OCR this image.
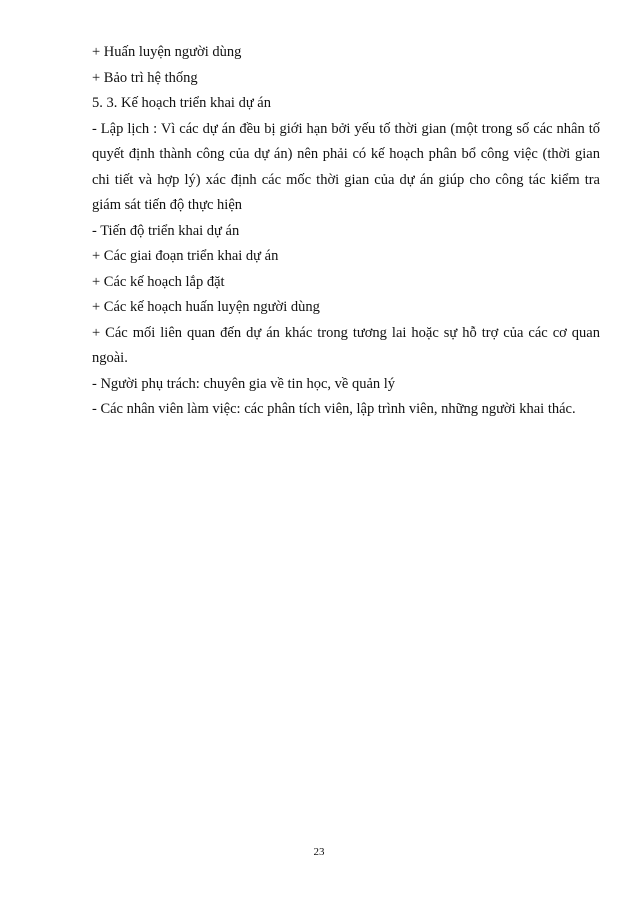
+ Huấn luyện người dùng

+ Bảo trì hệ thống

5. 3. Kế hoạch triển khai dự án

- Lập lịch : Vì các dự án đều bị giới hạn bởi yếu tố thời gian (một trong số các nhân tố quyết định thành công của dự án) nên phải có kế hoạch phân bổ công việc (thời gian chi tiết và hợp lý) xác định các mốc thời gian của dự án giúp cho công tác kiểm tra giám sát tiến độ thực hiện

- Tiến độ triển khai dự án

+ Các giai đoạn triển khai dự án

+ Các kế hoạch lắp đặt

+ Các kế hoạch huấn luyện người dùng

+ Các mối liên quan đến dự án khác trong tương lai hoặc sự hỗ trợ của các cơ quan ngoài.

- Người phụ trách: chuyên gia về tin học, về quản lý

- Các nhân viên làm việc: các phân tích viên, lập trình viên, những người khai thác.

23
